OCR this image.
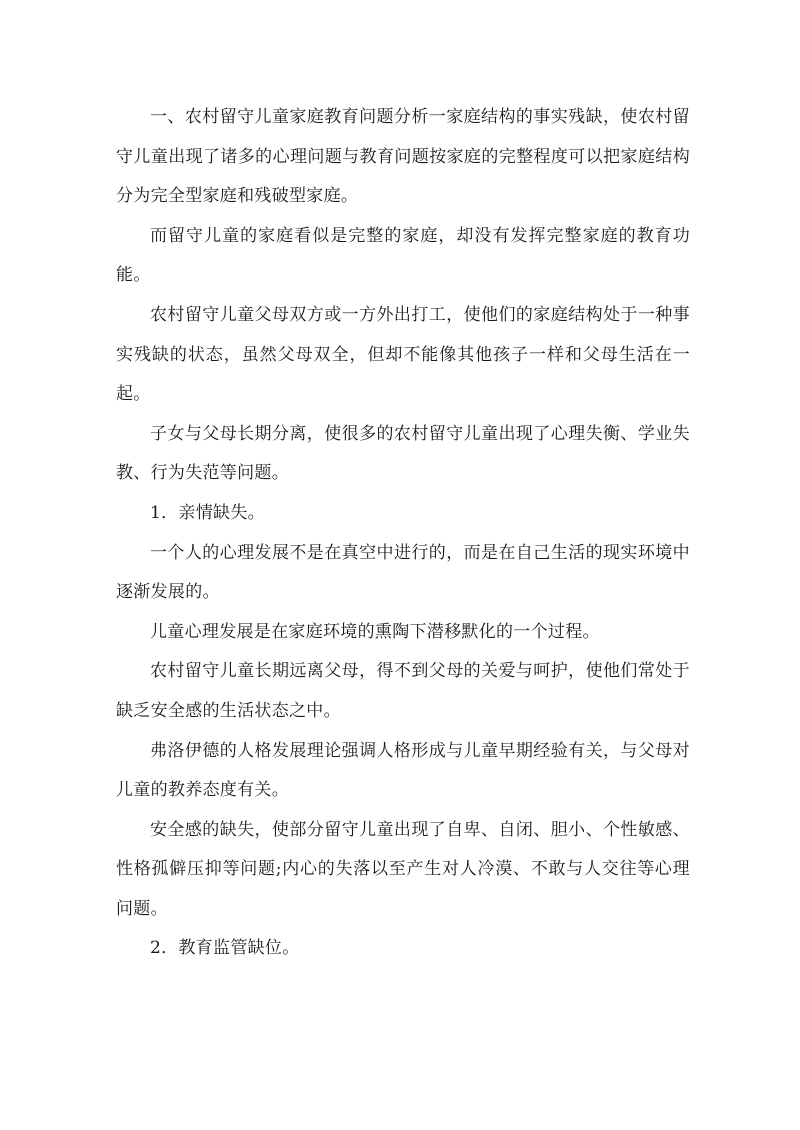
一、农村留守儿童家庭教育问题分析一家庭结构的事实残缺，使农村留守儿童出现了诸多的心理问题与教育问题按家庭的完整程度可以把家庭结构分为完全型家庭和残破型家庭。

而留守儿童的家庭看似是完整的家庭，却没有发挥完整家庭的教育功能。

农村留守儿童父母双方或一方外出打工，使他们的家庭结构处于一种事实残缺的状态，虽然父母双全，但却不能像其他孩子一样和父母生活在一起。

子女与父母长期分离，使很多的农村留守儿童出现了心理失衡、学业失教、行为失范等问题。

1．亲情缺失。

一个人的心理发展不是在真空中进行的，而是在自己生活的现实环境中逐渐发展的。

儿童心理发展是在家庭环境的熏陶下潜移默化的一个过程。

农村留守儿童长期远离父母，得不到父母的关爱与呵护，使他们常处于缺乏安全感的生活状态之中。

弗洛伊德的人格发展理论强调人格形成与儿童早期经验有关，与父母对儿童的教养态度有关。

安全感的缺失，使部分留守儿童出现了自卑、自闭、胆小、个性敏感、性格孤僻压抑等问题;内心的失落以至产生对人冷漠、不敢与人交往等心理问题。

2．教育监管缺位。
